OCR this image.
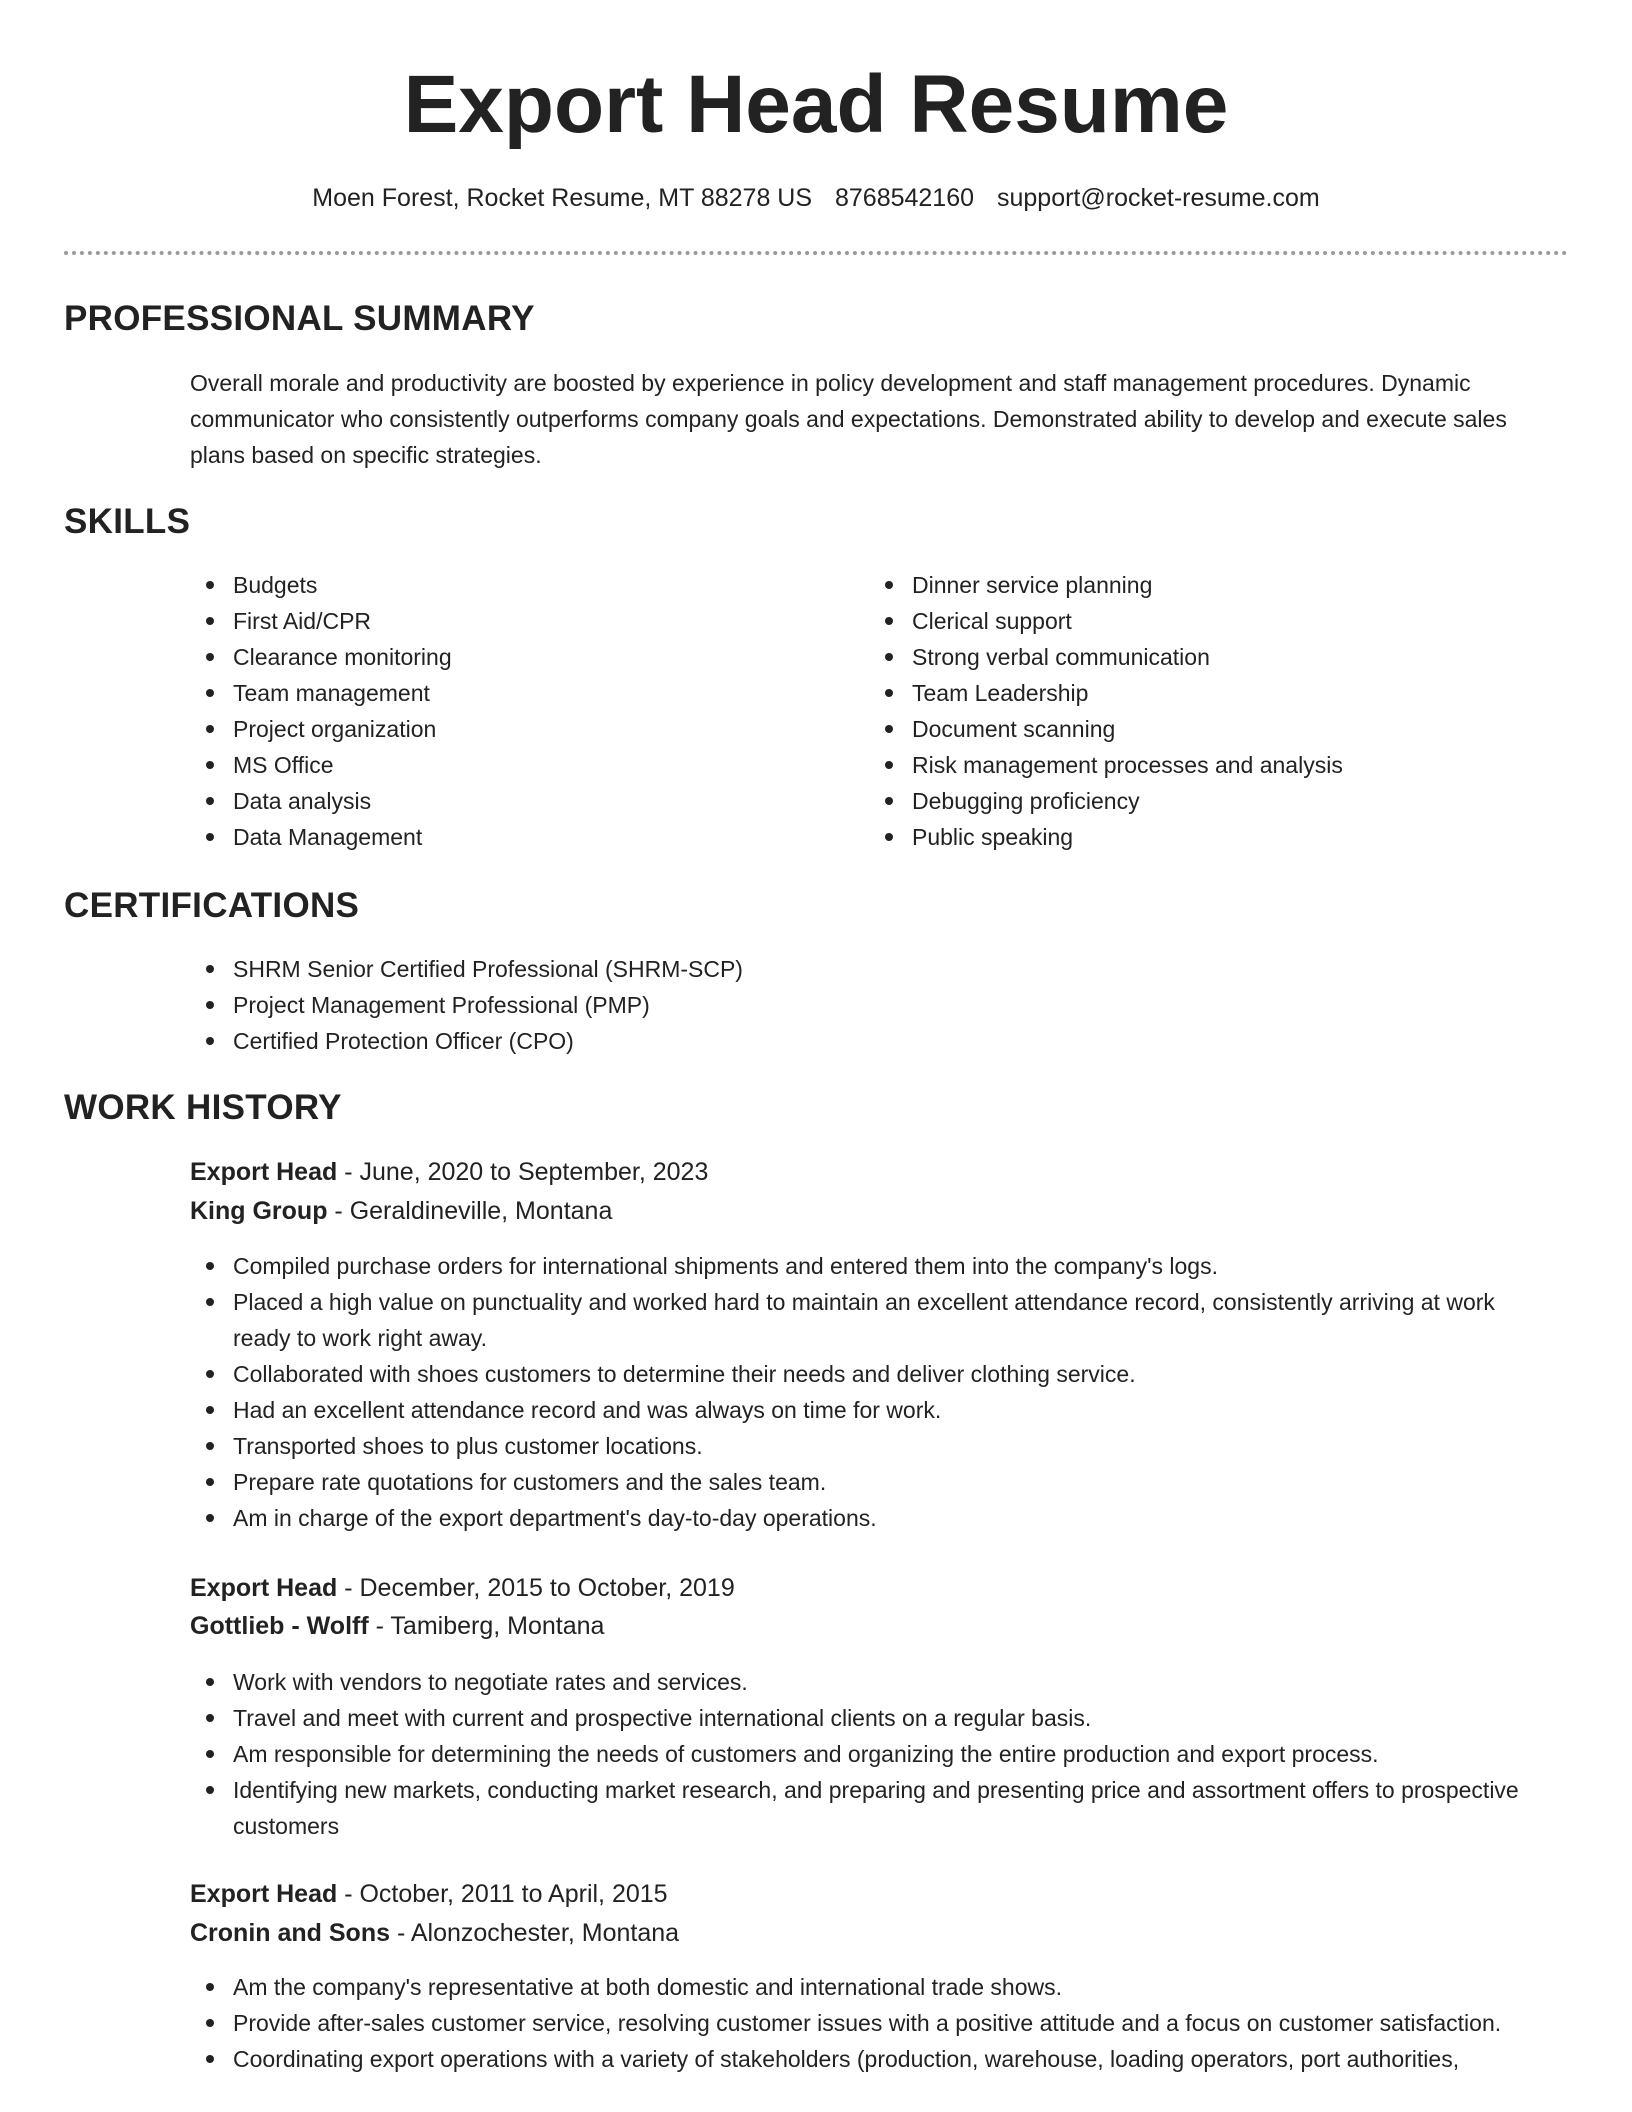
Export Head Resume
Moen Forest, Rocket Resume, MT 88278 US 8768542160 support@rocket-resume.com
PROFESSIONAL SUMMARY

Overall morale and productivity are boosted by experience in policy development and staff management procedures. Dynamic communicator who consistently outperforms company goals and expectations. Demonstrated ability to develop and execute sales plans based on specific strategies.

SKILLS
Budgets
First Aid/CPR
Clearance monitoring
Team management
Project organization
MS Office
Data analysis
Data Management
Dinner service planning
Clerical support
Strong verbal communication
Team Leadership
Document scanning
Risk management processes and analysis
Debugging proficiency
Public speaking
CERTIFICATIONS
SHRM Senior Certified Professional (SHRM-SCP)
Project Management Professional (PMP)
Certified Protection Officer (CPO)
WORK HISTORY
Export Head - June, 2020 to September, 2023
King Group - Geraldineville, Montana
Compiled purchase orders for international shipments and entered them into the company's logs.
Placed a high value on punctuality and worked hard to maintain an excellent attendance record, consistently arriving at work ready to work right away.
Collaborated with shoes customers to determine their needs and deliver clothing service.
Had an excellent attendance record and was always on time for work.
Transported shoes to plus customer locations.
Prepare rate quotations for customers and the sales team.
Am in charge of the export department's day-to-day operations.
Export Head - December, 2015 to October, 2019
Gottlieb - Wolff - Tamiberg, Montana
Work with vendors to negotiate rates and services.
Travel and meet with current and prospective international clients on a regular basis.
Am responsible for determining the needs of customers and organizing the entire production and export process.
Identifying new markets, conducting market research, and preparing and presenting price and assortment offers to prospective customers
Export Head - October, 2011 to April, 2015
Cronin and Sons - Alonzochester, Montana
Am the company's representative at both domestic and international trade shows.
Provide after-sales customer service, resolving customer issues with a positive attitude and a focus on customer satisfaction.
Coordinating export operations with a variety of stakeholders (production, warehouse, loading operators, port authorities,
